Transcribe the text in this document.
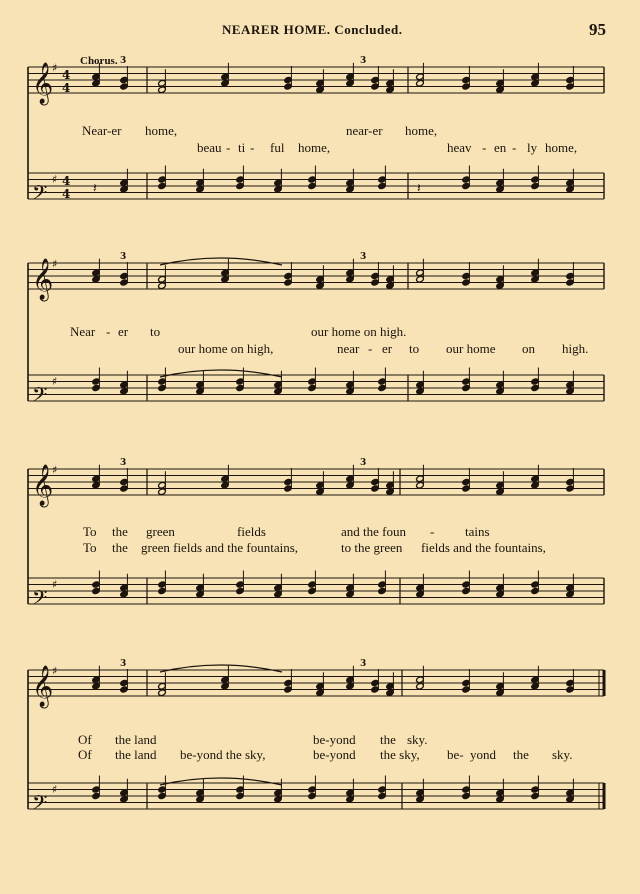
NEARER HOME. Concluded.	95
Chorus.
Near-er home,	near-er home,
beau - ti - ful home,	heav - en - ly home,
Near - er to	our home on high.
our home on high,	near - er to our home on high.
To the green	fields	and the foun - tains
To the green fields and the fountains,	to the green fields and the fountains,
Of the land	be-yond the sky.
Of the land be-yond the sky,	be-yond the sky, be- yond the sky.
𝄞
𝄢
♯
♯
4
4
4
4 𝄽	𝄽
3	3
𝄞
𝄢
♯
♯
3	3
𝄞
𝄢
♯
♯
3	3
𝄞
𝄢
♯
♯
3	3
